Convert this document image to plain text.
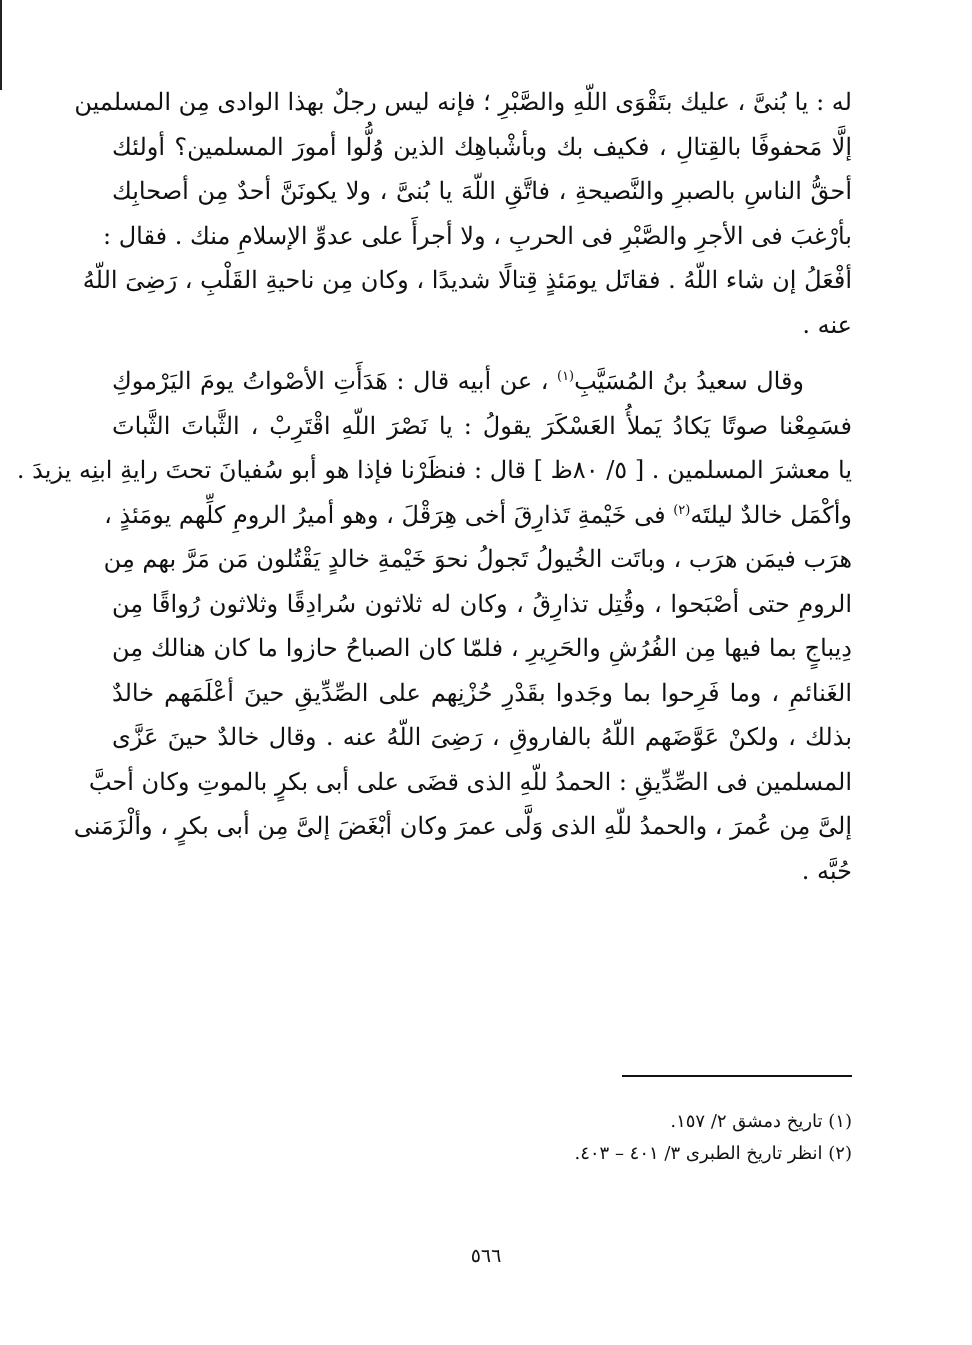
له : يا بُنىَّ ، عليك بتَقْوَى اللّهِ والصَّبْرِ ؛ فإنه ليس رجلٌ بهذا الوادى مِن المسلمين
إلَّا مَحفوفًا بالقِتالِ ، فكيف بك وبأشْباهِك الذين وُلُّوا أمورَ المسلمين؟ أولئك
أحقُّ الناسِ بالصبرِ والنَّصيحةِ ، فاتَّقِ اللّهَ يا بُنىَّ ، ولا يكونَنَّ أحدٌ مِن أصحابِك
بأرْغبَ فى الأجرِ والصَّبْرِ فى الحربِ ، ولا أجرأَ على عدوِّ الإسلامِ منك . فقال :
أفْعَلُ إن شاء اللّهُ . فقاتَل يومَئذٍ قِتالًا شديدًا ، وكان مِن ناحيةِ القَلْبِ ، رَضِىَ اللّهُ
عنه .

  وقال سعيدُ بنُ المُسَيَّبِ$^{(١)}$ ، عن أبيه قال : هَدَأَتِ الأصْواتُ يومَ اليَرْموكِ
فسَمِعْنا صوتًا يَكادُ يَملأُ العَسْكَرَ يقولُ : يا نَصْرَ اللّهِ اقْتَرِبْ ، الثَّباتَ الثَّباتَ
يا معشرَ المسلمين . [ ٥/ ٨٠ظ ] قال : فنظَرْنا فإذا هو أبو سُفيانَ تحتَ رايةِ ابنِه يزيدَ .
وأكْمَل خالدٌ ليلتَه$^{(٢)}$ فى خَيْمةِ تَذارِقَ أخى هِرَقْلَ ، وهو أميرُ الرومِ كلِّهم يومَئذٍ ،
هرَب فيمَن هرَب ، وباتَت الخُيولُ تَجولُ نحوَ خَيْمةِ خالدٍ يَقْتُلون مَن مَرَّ بهم مِن
الرومِ حتى أصْبَحوا ، وقُتِل تذارِقُ ، وكان له ثلاثون سُرادِقًا وثلاثون رُواقًا مِن
دِيباجٍ بما فيها مِن الفُرُشِ والحَرِيرِ ، فلمّا كان الصباحُ حازوا ما كان هنالك مِن
الغَنائمِ ، وما فَرِحوا بما وجَدوا بقَدْرِ حُزْنِهم على الصِّدِّيقِ حينَ أعْلَمَهم خالدٌ
بذلك ، ولكنْ عَوَّضَهم اللّهُ بالفاروقِ ، رَضِىَ اللّهُ عنه . وقال خالدٌ حينَ عَزَّى
المسلمين فى الصِّدِّيقِ : الحمدُ للّهِ الذى قضَى على أبى بكرٍ بالموتِ وكان أحبَّ
إلىَّ مِن عُمرَ ، والحمدُ للّهِ الذى وَلَّى عمرَ وكان أبْغَضَ إلىَّ مِن أبى بكرٍ ، وألْزَمَنى
حُبَّه .

(١) تاريخ دمشق ٢/ ١٥٧.
(٢) انظر تاريخ الطبرى ٣/ ٤٠١ – ٤٠٣.
٥٦٦
